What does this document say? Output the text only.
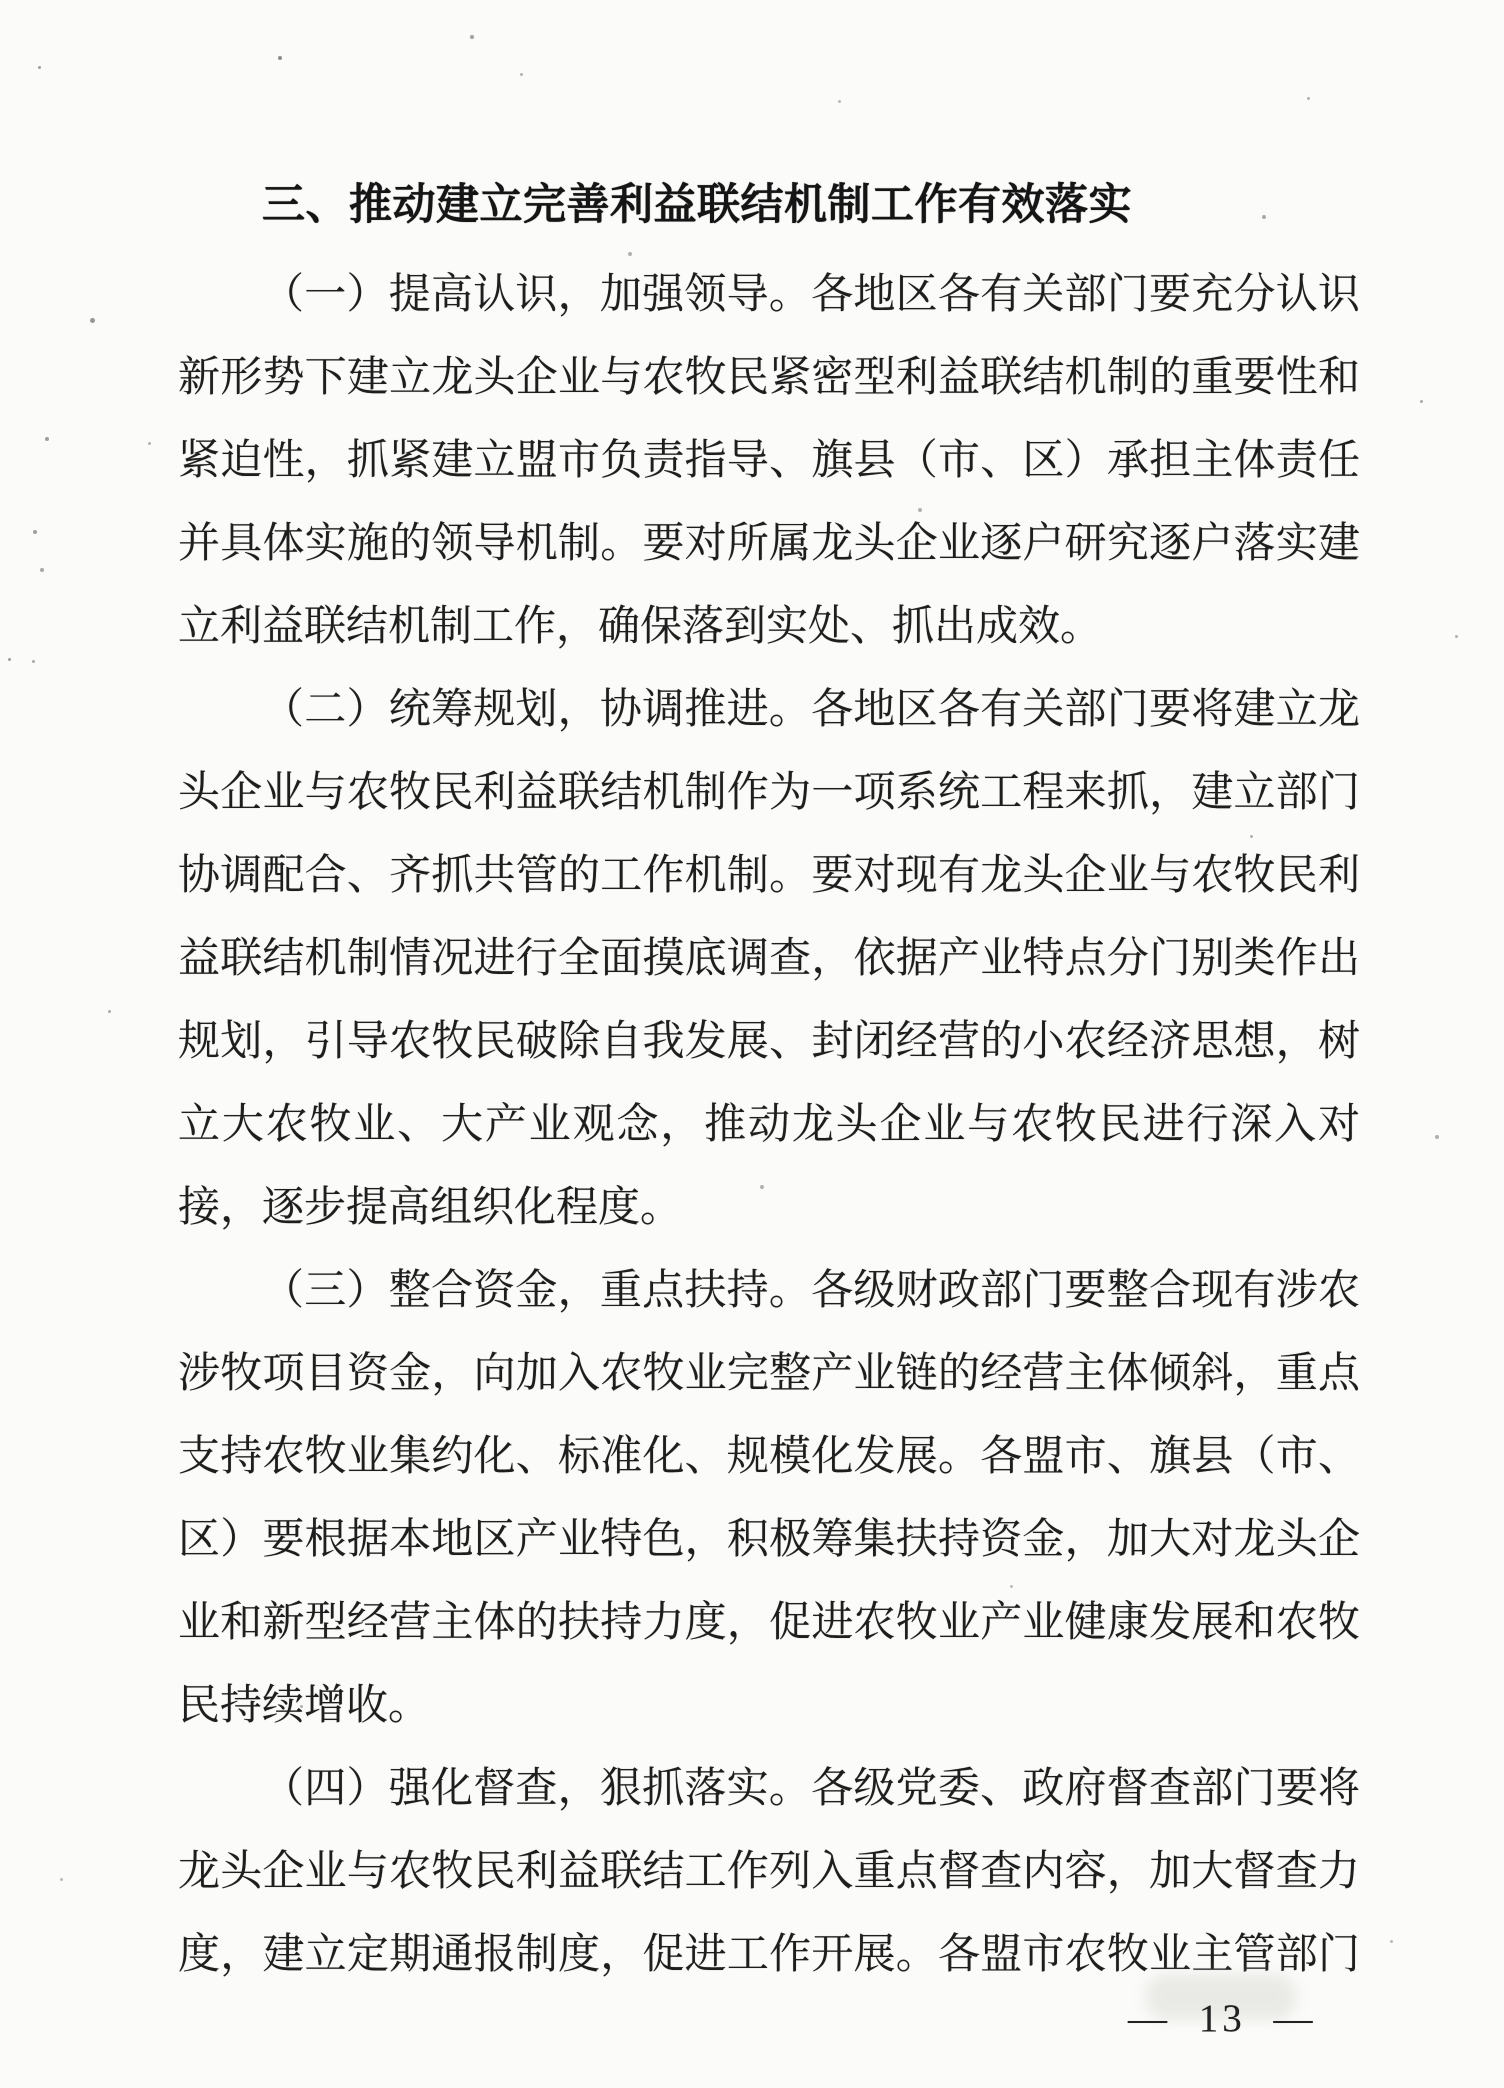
三、推动建立完善利益联结机制工作有效落实
（一）提高认识，加强领导。各地区各有关部门要充分认识
新形势下建立龙头企业与农牧民紧密型利益联结机制的重要性和
紧迫性，抓紧建立盟市负责指导、旗县（市、区）承担主体责任
并具体实施的领导机制。要对所属龙头企业逐户研究逐户落实建
立利益联结机制工作，确保落到实处、抓出成效。
（二）统筹规划，协调推进。各地区各有关部门要将建立龙
头企业与农牧民利益联结机制作为一项系统工程来抓，建立部门
协调配合、齐抓共管的工作机制。要对现有龙头企业与农牧民利
益联结机制情况进行全面摸底调查，依据产业特点分门别类作出
规划，引导农牧民破除自我发展、封闭经营的小农经济思想，树
立大农牧业、大产业观念，推动龙头企业与农牧民进行深入对
接，逐步提高组织化程度。
（三）整合资金，重点扶持。各级财政部门要整合现有涉农
涉牧项目资金，向加入农牧业完整产业链的经营主体倾斜，重点
支持农牧业集约化、标准化、规模化发展。各盟市、旗县（市、
区）要根据本地区产业特色，积极筹集扶持资金，加大对龙头企
业和新型经营主体的扶持力度，促进农牧业产业健康发展和农牧
民持续增收。
（四）强化督查，狠抓落实。各级党委、政府督查部门要将
龙头企业与农牧民利益联结工作列入重点督查内容，加大督查力
度，建立定期通报制度，促进工作开展。各盟市农牧业主管部门
— 13 —
